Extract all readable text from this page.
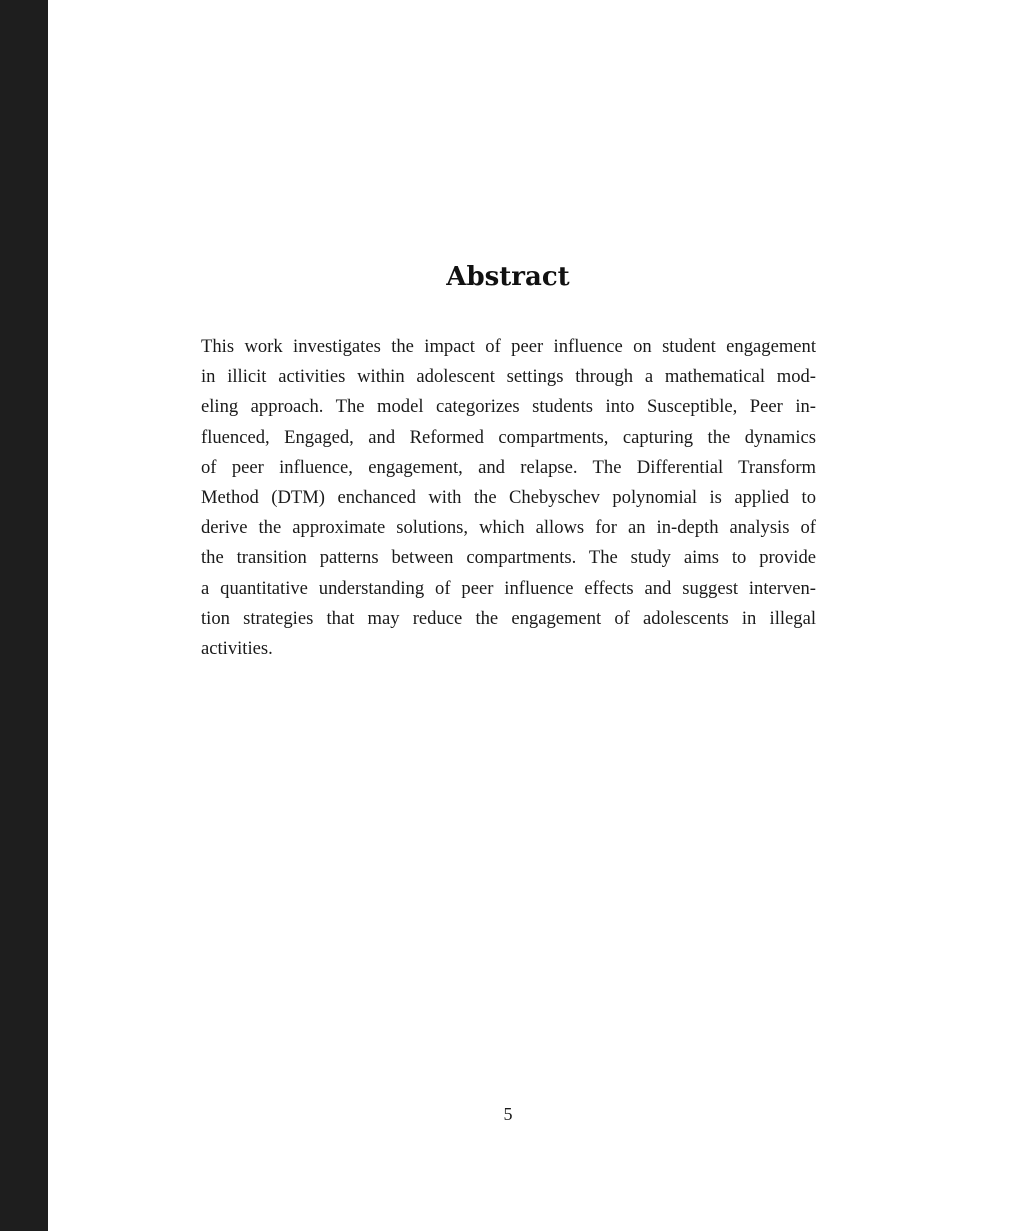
Abstract
This work investigates the impact of peer influence on student engagement
in illicit activities within adolescent settings through a mathematical mod-
eling approach. The model categorizes students into Susceptible, Peer in-
fluenced, Engaged, and Reformed compartments, capturing the dynamics
of peer influence, engagement, and relapse. The Differential Transform
Method (DTM) enchanced with the Chebyschev polynomial is applied to
derive the approximate solutions, which allows for an in-depth analysis of
the transition patterns between compartments. The study aims to provide
a quantitative understanding of peer influence effects and suggest interven-
tion strategies that may reduce the engagement of adolescents in illegal
activities.
5
